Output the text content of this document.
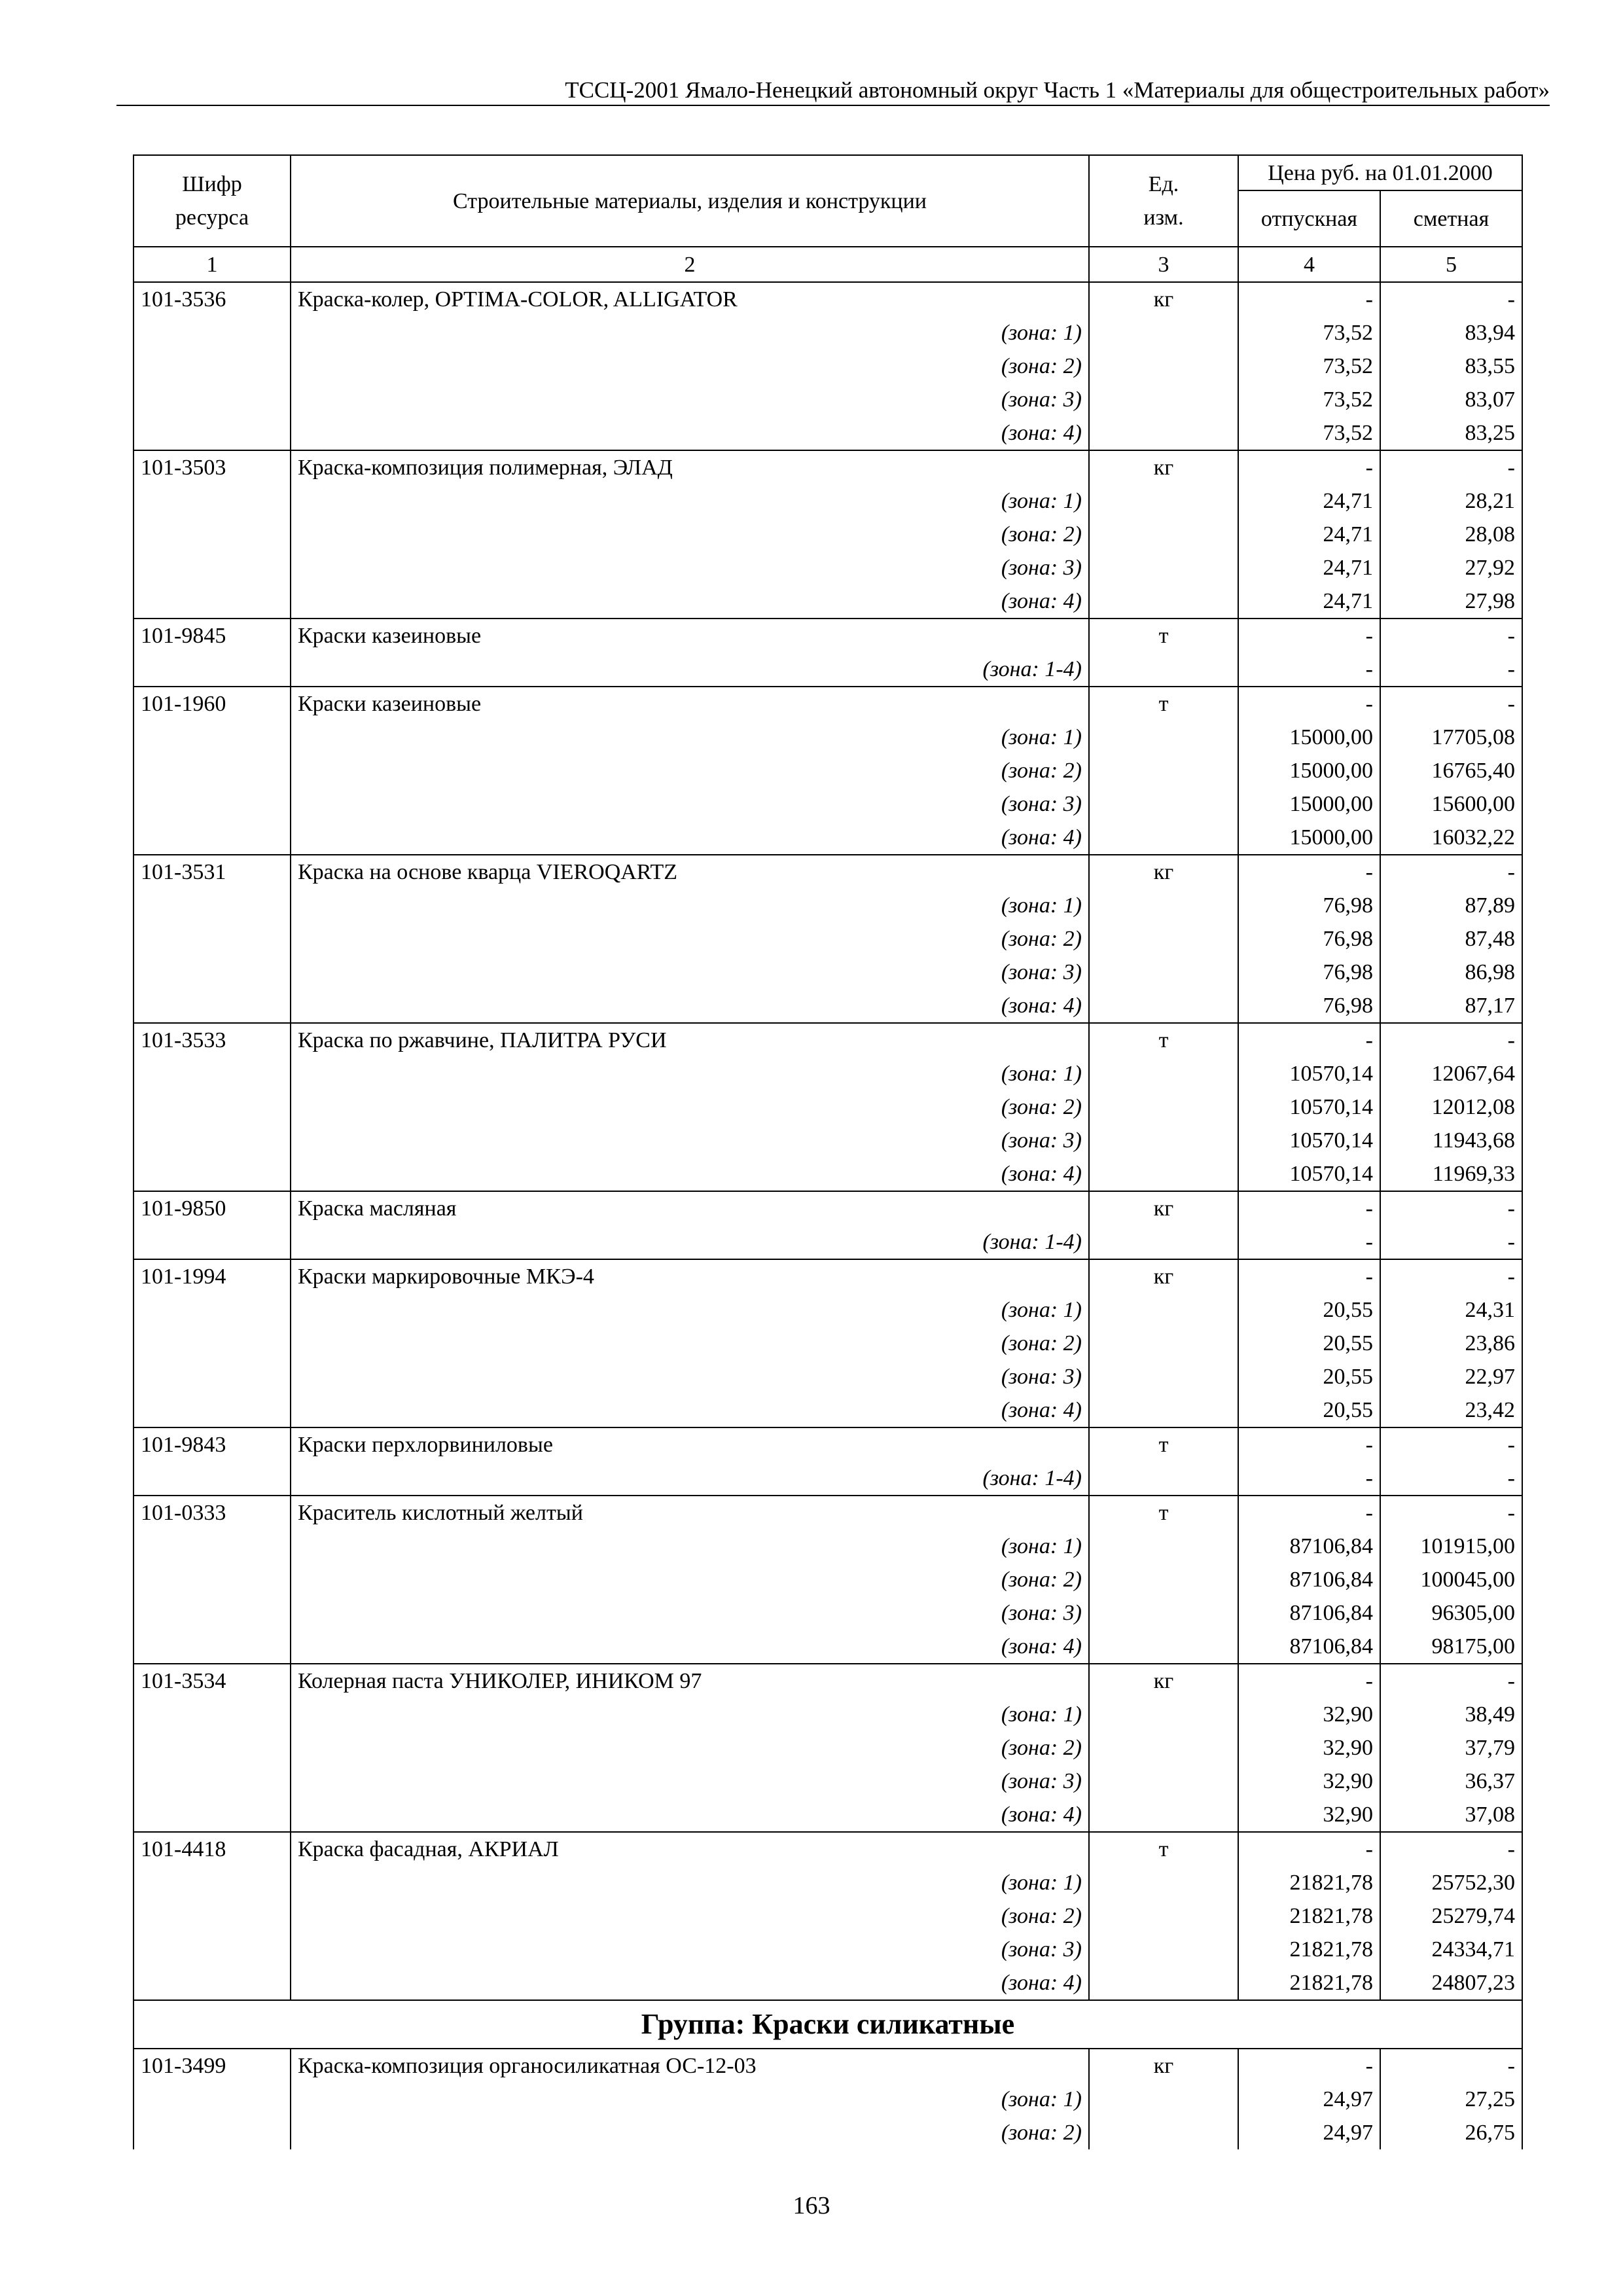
ТССЦ-2001 Ямало-Ненецкий автономный округ Часть 1 «Материалы для общестроительных работ»
Шифр ресурса	Строительные материалы, изделия и конструкции	Ед. изм.	Цена руб. на 01.01.2000	
			отпускная	сметная
1	2	3	4	5
101-3536	Краска-колер, OPTIMA-COLOR, ALLIGATOR	кг	-	-
	(зона: 1)		73,52	83,94
	(зона: 2)		73,52	83,55
	(зона: 3)		73,52	83,07
	(зона: 4)		73,52	83,25
101-3503	Краска-композиция полимерная, ЭЛАД	кг	-	-
	(зона: 1)		24,71	28,21
	(зона: 2)		24,71	28,08
	(зона: 3)		24,71	27,92
	(зона: 4)		24,71	27,98
101-9845	Краски казеиновые	т	-	-
	(зона: 1-4)		-	-
101-1960	Краски казеиновые	т	-	-
	(зона: 1)		15000,00	17705,08
	(зона: 2)		15000,00	16765,40
	(зона: 3)		15000,00	15600,00
	(зона: 4)		15000,00	16032,22
101-3531	Краска на основе кварца VIEROQARTZ	кг	-	-
	(зона: 1)		76,98	87,89
	(зона: 2)		76,98	87,48
	(зона: 3)		76,98	86,98
	(зона: 4)		76,98	87,17
101-3533	Краска по ржавчине, ПАЛИТРА РУСИ	т	-	-
	(зона: 1)		10570,14	12067,64
	(зона: 2)		10570,14	12012,08
	(зона: 3)		10570,14	11943,68
	(зона: 4)		10570,14	11969,33
101-9850	Краска масляная	кг	-	-
	(зона: 1-4)		-	-
101-1994	Краски маркировочные МКЭ-4	кг	-	-
	(зона: 1)		20,55	24,31
	(зона: 2)		20,55	23,86
	(зона: 3)		20,55	22,97
	(зона: 4)		20,55	23,42
101-9843	Краски перхлорвиниловые	т	-	-
	(зона: 1-4)		-	-
101-0333	Краситель кислотный желтый	т	-	-
	(зона: 1)		87106,84	101915,00
	(зона: 2)		87106,84	100045,00
	(зона: 3)		87106,84	96305,00
	(зона: 4)		87106,84	98175,00
101-3534	Колерная паста УНИКОЛЕР, ИНИКОМ 97	кг	-	-
	(зона: 1)		32,90	38,49
	(зона: 2)		32,90	37,79
	(зона: 3)		32,90	36,37
	(зона: 4)		32,90	37,08
101-4418	Краска фасадная, АКРИАЛ	т	-	-
	(зона: 1)		21821,78	25752,30
	(зона: 2)		21821,78	25279,74
	(зона: 3)		21821,78	24334,71
	(зона: 4)		21821,78	24807,23
Группа: Краски силикатные				
101-3499	Краска-композиция органосиликатная ОС-12-03	кг	-	-
	(зона: 1)		24,97	27,25
	(зона: 2)		24,97	26,75
163
